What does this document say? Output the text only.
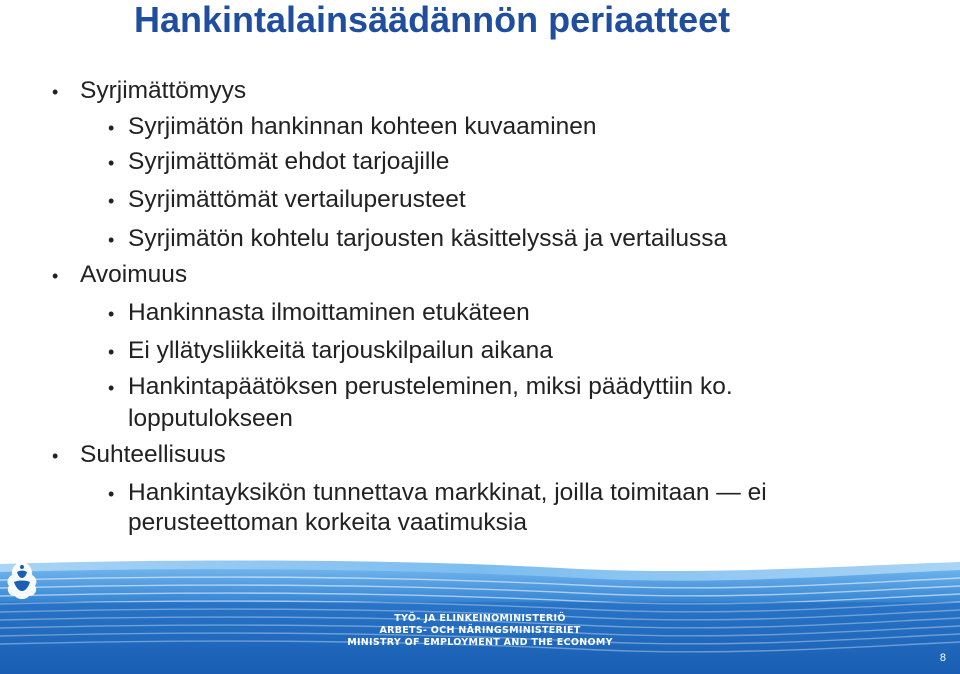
Hankintalainsäädännön periaatteet
• Syrjimättömyys
• Syrjimätön hankinnan kohteen kuvaaminen
• Syrjimättömät ehdot tarjoajille
• Syrjimättömät vertailuperusteet
• Syrjimätön kohtelu tarjousten käsittelyssä ja vertailussa
• Avoimuus
• Hankinnasta ilmoittaminen etukäteen
• Ei yllätysliikkeitä tarjouskilpailun aikana
• Hankintapäätöksen perusteleminen, miksi päädyttiin ko.
lopputulokseen
• Suhteellisuus
• Hankintayksikön tunnettava markkinat, joilla toimitaan — ei
perusteettoman korkeita vaatimuksia
TYÖ- JA ELINKEINOMINISTERIÖ
ARBETS- OCH NÄRINGSMINISTERIET
MINISTRY OF EMPLOYMENT AND THE ECONOMY
8
